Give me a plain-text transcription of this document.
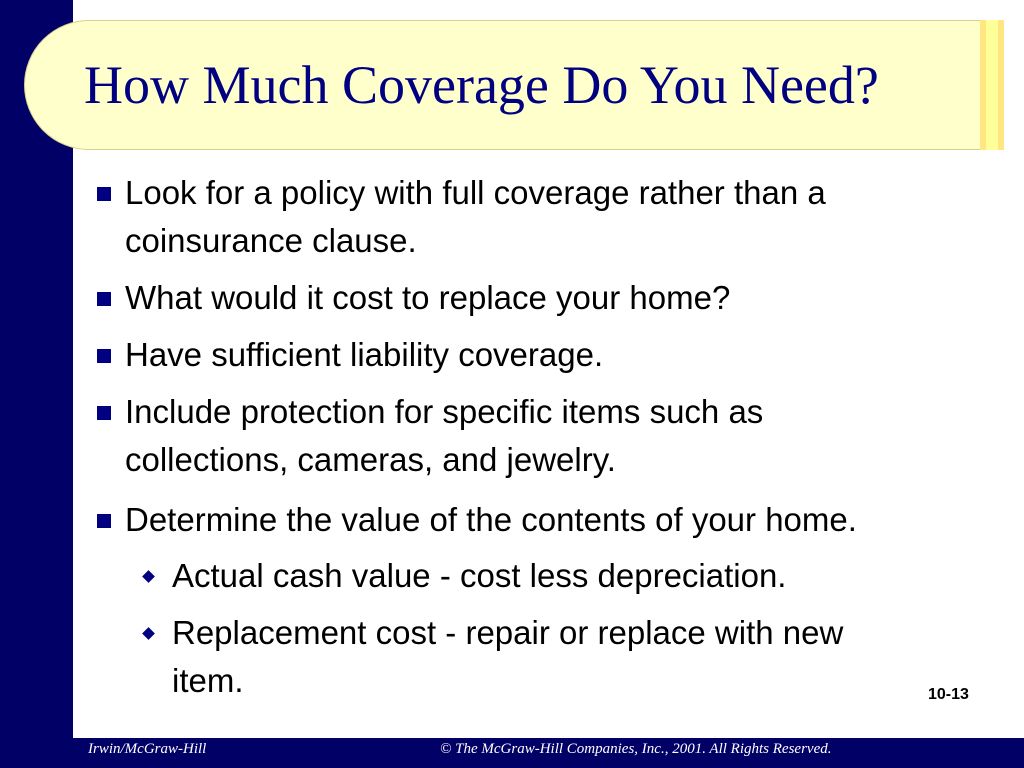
How Much Coverage Do You Need?
Look for a policy with full coverage rather than a
coinsurance clause.
What would it cost to replace your home?
Have sufficient liability coverage.
Include protection for specific items such as
collections, cameras, and jewelry.
Determine the value of the contents of your home.
Actual cash value - cost less depreciation.
Replacement cost - repair or replace with new
item.	10-13
Irwin/McGraw-Hill	© The McGraw-Hill Companies, Inc., 2001. All Rights Reserved.
